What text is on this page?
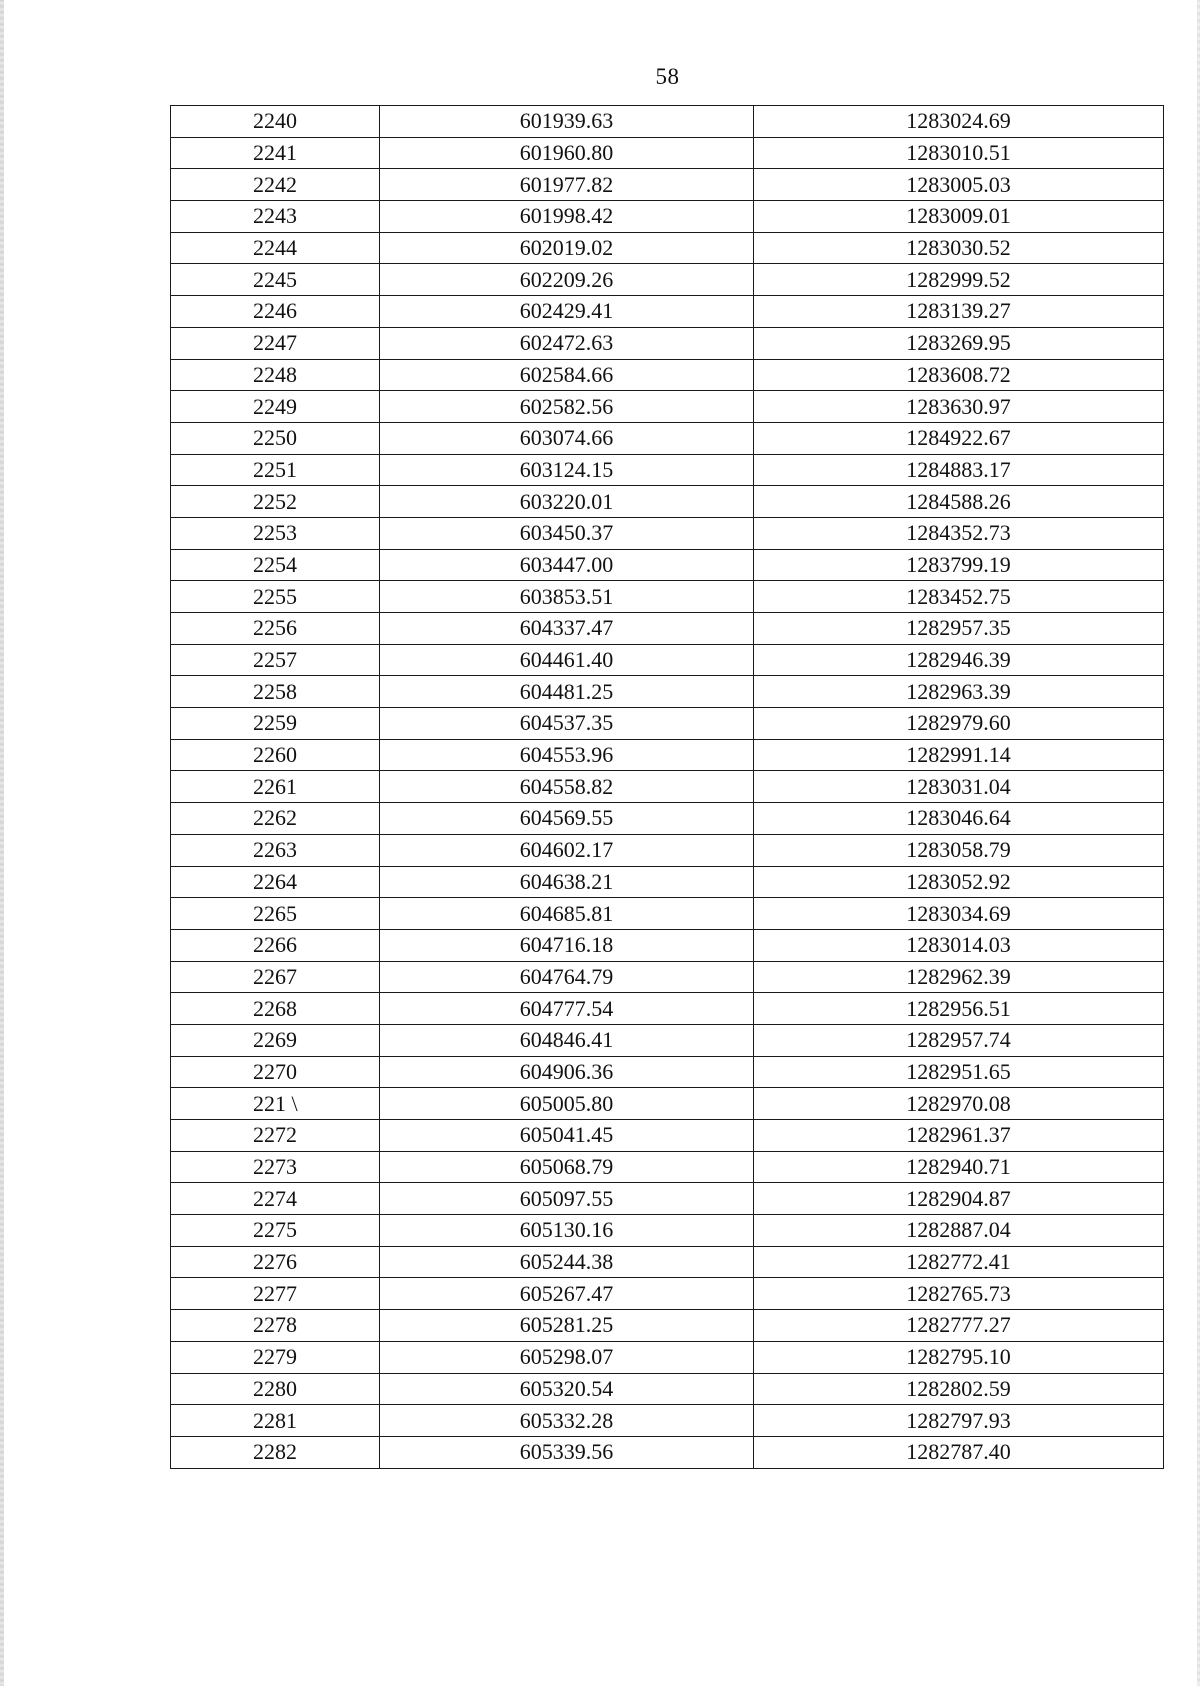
58
2240	601939.63	1283024.69
2241	601960.80	1283010.51
2242	601977.82	1283005.03
2243	601998.42	1283009.01
2244	602019.02	1283030.52
2245	602209.26	1282999.52
2246	602429.41	1283139.27
2247	602472.63	1283269.95
2248	602584.66	1283608.72
2249	602582.56	1283630.97
2250	603074.66	1284922.67
2251	603124.15	1284883.17
2252	603220.01	1284588.26
2253	603450.37	1284352.73
2254	603447.00	1283799.19
2255	603853.51	1283452.75
2256	604337.47	1282957.35
2257	604461.40	1282946.39
2258	604481.25	1282963.39
2259	604537.35	1282979.60
2260	604553.96	1282991.14
2261	604558.82	1283031.04
2262	604569.55	1283046.64
2263	604602.17	1283058.79
2264	604638.21	1283052.92
2265	604685.81	1283034.69
2266	604716.18	1283014.03
2267	604764.79	1282962.39
2268	604777.54	1282956.51
2269	604846.41	1282957.74
2270	604906.36	1282951.65
221 \	605005.80	1282970.08
2272	605041.45	1282961.37
2273	605068.79	1282940.71
2274	605097.55	1282904.87
2275	605130.16	1282887.04
2276	605244.38	1282772.41
2277	605267.47	1282765.73
2278	605281.25	1282777.27
2279	605298.07	1282795.10
2280	605320.54	1282802.59
2281	605332.28	1282797.93
2282	605339.56	1282787.40
